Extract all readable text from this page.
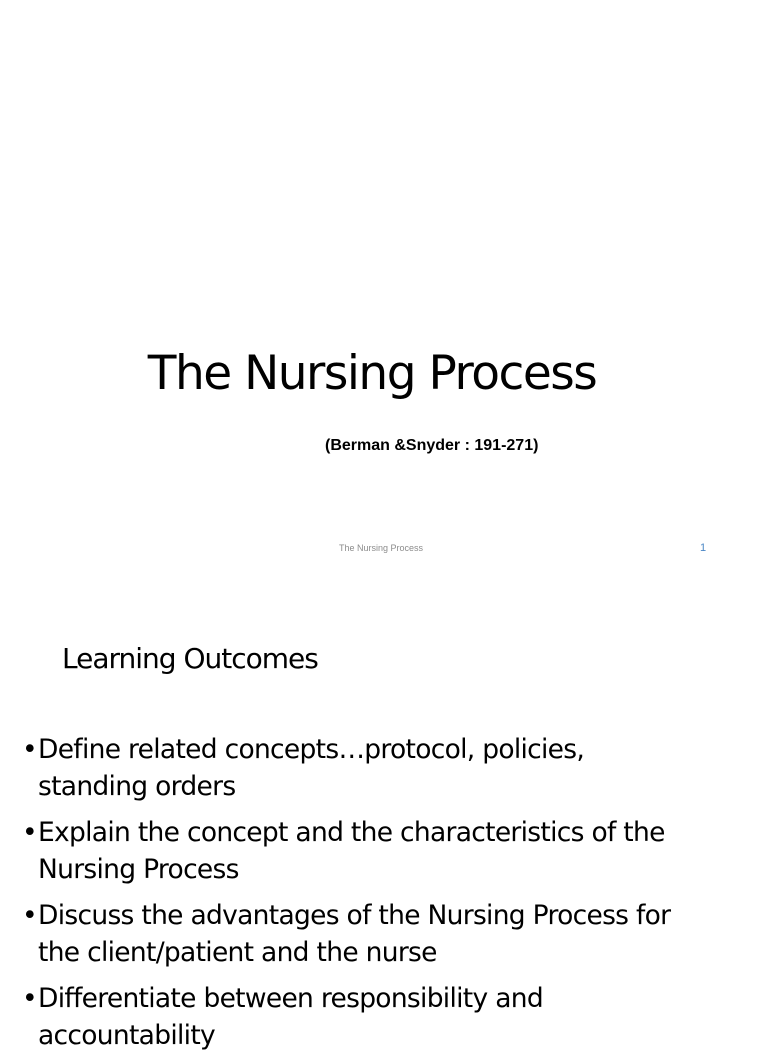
The Nursing Process
(Berman &Snyder : 191-271)
The Nursing Process	1
Learning Outcomes
• Define related concepts…protocol, policies,
standing orders
• Explain the concept and the characteristics of the
Nursing Process
• Discuss the advantages of the Nursing Process for
the client/patient and the nurse
• Differentiate between responsibility and
accountability
